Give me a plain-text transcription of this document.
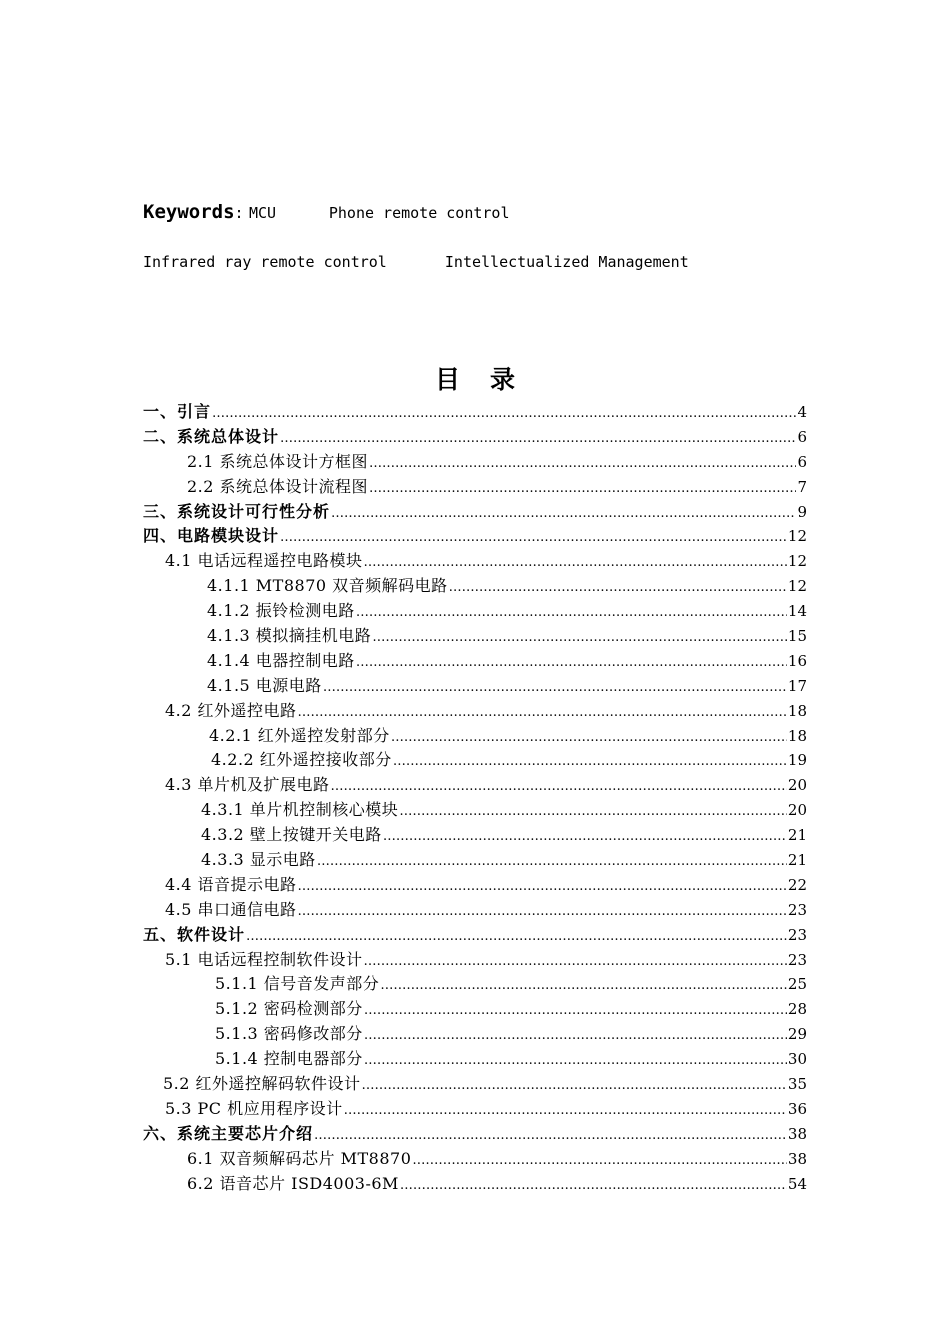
Keywords: MCU	Phone remote control
Infrared ray remote control	Intellectualized Management
目录
一、引言 …………………………………………………………………………………………………………………………………………………………………………………………………………………………	4
二、系统总体设计 …………………………………………………………………………………………………………………………………………………………………………………………………………………………	6
2.1 系统总体设计方框图 …………………………………………………………………………………………………………………………………………………………………………………………………………………………	6
2.2 系统总体设计流程图 …………………………………………………………………………………………………………………………………………………………………………………………………………………………	7
三、系统设计可行性分析 …………………………………………………………………………………………………………………………………………………………………………………………………………………………	9
四、电路模块设计 …………………………………………………………………………………………………………………………………………………………………………………………………………………………	12
4.1 电话远程遥控电路模块 …………………………………………………………………………………………………………………………………………………………………………………………………………………………	12
4.1.1 MT8870 双音频解码电路 …………………………………………………………………………………………………………………………………………………………………………………………………………………………	12
4.1.2 振铃检测电路 …………………………………………………………………………………………………………………………………………………………………………………………………………………………	14
4.1.3 模拟摘挂机电路 …………………………………………………………………………………………………………………………………………………………………………………………………………………………	15
4.1.4 电器控制电路 …………………………………………………………………………………………………………………………………………………………………………………………………………………………	16
4.1.5 电源电路 …………………………………………………………………………………………………………………………………………………………………………………………………………………………	17
4.2 红外遥控电路 …………………………………………………………………………………………………………………………………………………………………………………………………………………………	18
4.2.1 红外遥控发射部分 …………………………………………………………………………………………………………………………………………………………………………………………………………………………	18
4.2.2 红外遥控接收部分 …………………………………………………………………………………………………………………………………………………………………………………………………………………………	19
4.3 单片机及扩展电路 …………………………………………………………………………………………………………………………………………………………………………………………………………………………	20
4.3.1 单片机控制核心模块 …………………………………………………………………………………………………………………………………………………………………………………………………………………………	20
4.3.2 壁上按键开关电路 …………………………………………………………………………………………………………………………………………………………………………………………………………………………	21
4.3.3 显示电路 …………………………………………………………………………………………………………………………………………………………………………………………………………………………	21
4.4 语音提示电路 …………………………………………………………………………………………………………………………………………………………………………………………………………………………	22
4.5 串口通信电路 …………………………………………………………………………………………………………………………………………………………………………………………………………………………	23
五、软件设计 …………………………………………………………………………………………………………………………………………………………………………………………………………………………	23
5.1 电话远程控制软件设计 …………………………………………………………………………………………………………………………………………………………………………………………………………………………	23
5.1.1 信号音发声部分 …………………………………………………………………………………………………………………………………………………………………………………………………………………………	25
5.1.2 密码检测部分 …………………………………………………………………………………………………………………………………………………………………………………………………………………………	28
5.1.3 密码修改部分 …………………………………………………………………………………………………………………………………………………………………………………………………………………………	29
5.1.4 控制电器部分 …………………………………………………………………………………………………………………………………………………………………………………………………………………………	30
5.2 红外遥控解码软件设计 …………………………………………………………………………………………………………………………………………………………………………………………………………………………	35
5.3 PC 机应用程序设计 …………………………………………………………………………………………………………………………………………………………………………………………………………………………	36
六、系统主要芯片介绍 …………………………………………………………………………………………………………………………………………………………………………………………………………………………	38
6.1 双音频解码芯片 MT8870 …………………………………………………………………………………………………………………………………………………………………………………………………………………………	38
6.2 语音芯片 ISD4003-6M …………………………………………………………………………………………………………………………………………………………………………………………………………………………	54
